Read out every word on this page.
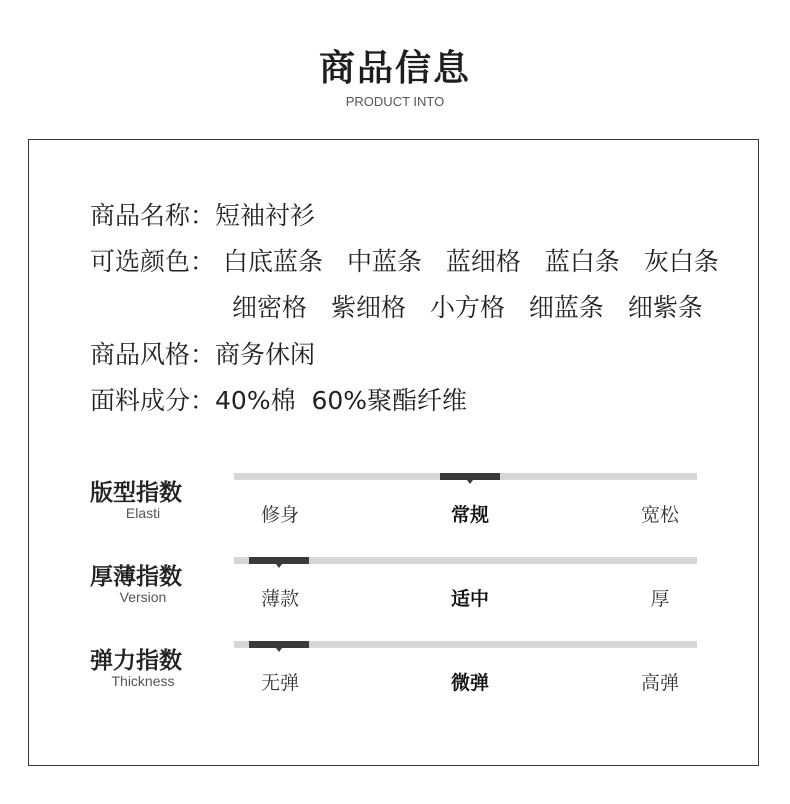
商品信息
PRODUCT INTO
商品名称：短袖衬衫
可选颜色： 白底蓝条 中蓝条 蓝细格 蓝白条 灰白条
细密格 紫细格 小方格 细蓝条 细紫条
商品风格：商务休闲
面料成分：40%棉  60%聚酯纤维
版型指数
Elasti	修身	常规	宽松
厚薄指数
Version	薄款	适中	厚
弹力指数
Thickness	无弹	微弹	高弹
